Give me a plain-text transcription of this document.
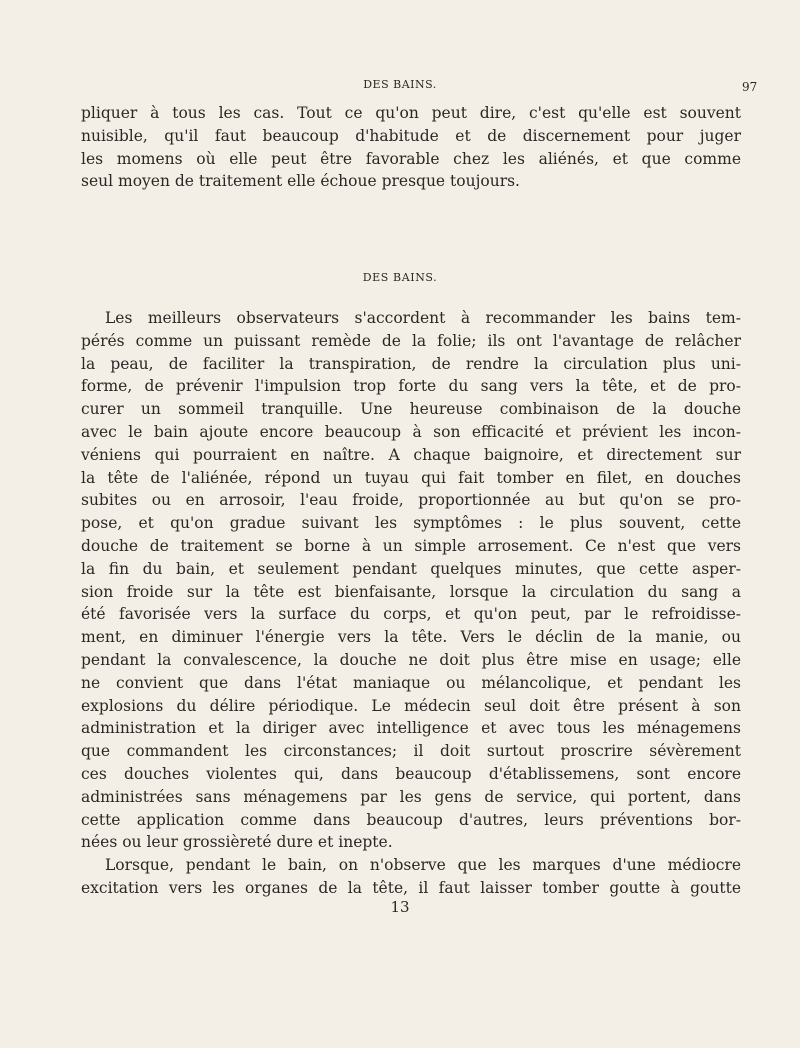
DES BAINS.	97
pliquer à tous les cas. Tout ce qu'on peut dire, c'est qu'elle est souvent
nuisible, qu'il faut beaucoup d'habitude et de discernement pour juger
les momens où elle peut être favorable chez les aliénés, et que comme
seul moyen de traitement elle échoue presque toujours.
DES BAINS.
Les meilleurs observateurs s'accordent à recommander les bains tem-
pérés comme un puissant remède de la folie; ils ont l'avantage de relâcher
la peau, de faciliter la transpiration, de rendre la circulation plus uni-
forme, de prévenir l'impulsion trop forte du sang vers la tête, et de pro-
curer un sommeil tranquille. Une heureuse combinaison de la douche
avec le bain ajoute encore beaucoup à son efficacité et prévient les incon-
véniens qui pourraient en naître. A chaque baignoire, et directement sur
la tête de l'aliénée, répond un tuyau qui fait tomber en filet, en douches
subites ou en arrosoir, l'eau froide, proportionnée au but qu'on se pro-
pose, et qu'on gradue suivant les symptômes : le plus souvent, cette
douche de traitement se borne à un simple arrosement. Ce n'est que vers
la fin du bain, et seulement pendant quelques minutes, que cette asper-
sion froide sur la tête est bienfaisante, lorsque la circulation du sang a
été favorisée vers la surface du corps, et qu'on peut, par le refroidisse-
ment, en diminuer l'énergie vers la tête. Vers le déclin de la manie, ou
pendant la convalescence, la douche ne doit plus être mise en usage; elle
ne convient que dans l'état maniaque ou mélancolique, et pendant les
explosions du délire périodique. Le médecin seul doit être présent à son
administration et la diriger avec intelligence et avec tous les ménagemens
que commandent les circonstances; il doit surtout proscrire sévèrement
ces douches violentes qui, dans beaucoup d'établissemens, sont encore
administrées sans ménagemens par les gens de service, qui portent, dans
cette application comme dans beaucoup d'autres, leurs préventions bor-
nées ou leur grossièreté dure et inepte.
Lorsque, pendant le bain, on n'observe que les marques d'une médiocre
excitation vers les organes de la tête, il faut laisser tomber goutte à goutte
13
